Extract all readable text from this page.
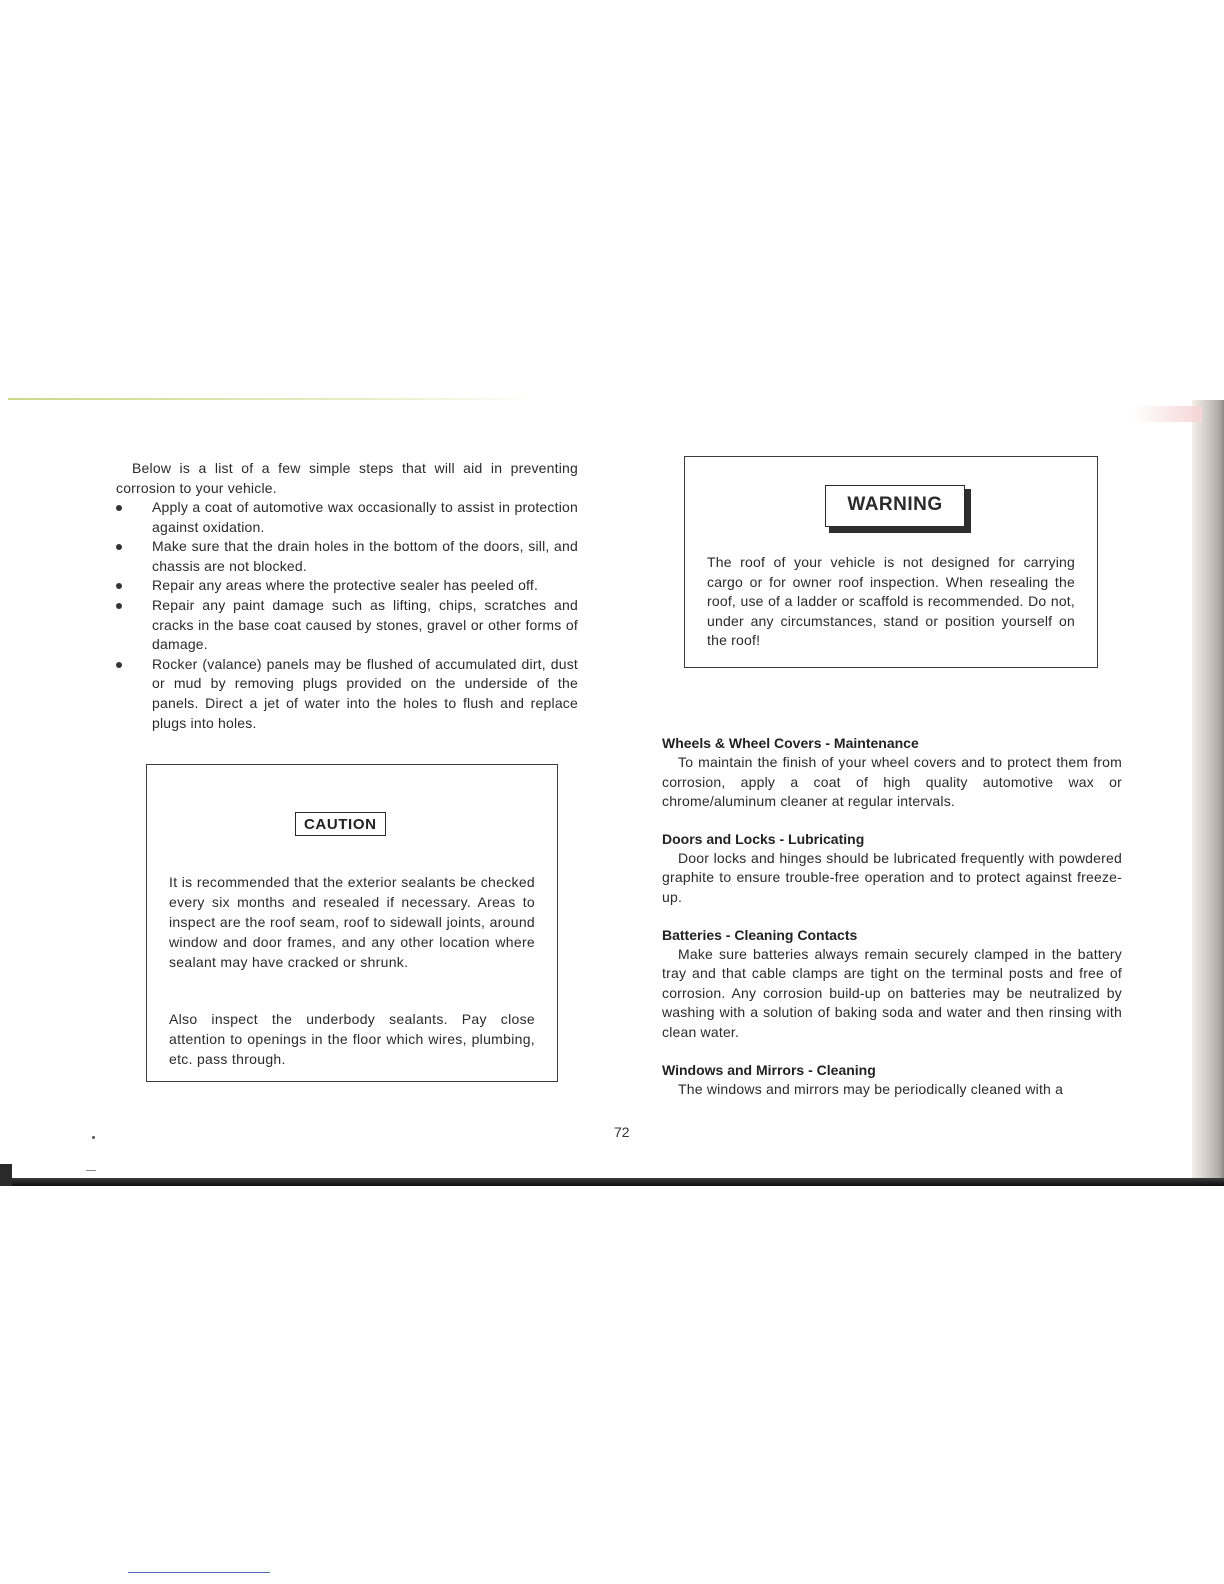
Below is a list of a few simple steps that will aid in preventing corrosion to your vehicle.

Apply a coat of automotive wax occasionally to assist in protection against oxidation.
Make sure that the drain holes in the bottom of the doors, sill, and chassis are not blocked.
Repair any areas where the protective sealer has peeled off.
Repair any paint damage such as lifting, chips, scratches and cracks in the base coat caused by stones, gravel or other forms of damage.
Rocker (valance) panels may be flushed of accumulated dirt, dust or mud by removing plugs provided on the underside of the panels. Direct a jet of water into the holes to flush and replace plugs into holes.
CAUTION

It is recommended that the exterior sealants be checked every six months and resealed if necessary. Areas to inspect are the roof seam, roof to sidewall joints, around window and door frames, and any other location where sealant may have cracked or shrunk.

Also inspect the underbody sealants. Pay close attention to openings in the floor which wires, plumbing, etc. pass through.

WARNING

The roof of your vehicle is not designed for carrying cargo or for owner roof inspection. When resealing the roof, use of a ladder or scaffold is recommended. Do not, under any circumstances, stand or position yourself on the roof!

Wheels & Wheel Covers - Maintenance

To maintain the finish of your wheel covers and to protect them from corrosion, apply a coat of high quality automotive wax or chrome/aluminum cleaner at regular intervals.

Doors and Locks - Lubricating

Door locks and hinges should be lubricated frequently with powdered graphite to ensure trouble-free operation and to protect against freeze-up.

Batteries - Cleaning Contacts

Make sure batteries always remain securely clamped in the battery tray and that cable clamps are tight on the terminal posts and free of corrosion. Any corrosion build-up on batteries may be neutralized by washing with a solution of baking soda and water and then rinsing with clean water.

Windows and Mirrors - Cleaning

The windows and mirrors may be periodically cleaned with a

72
